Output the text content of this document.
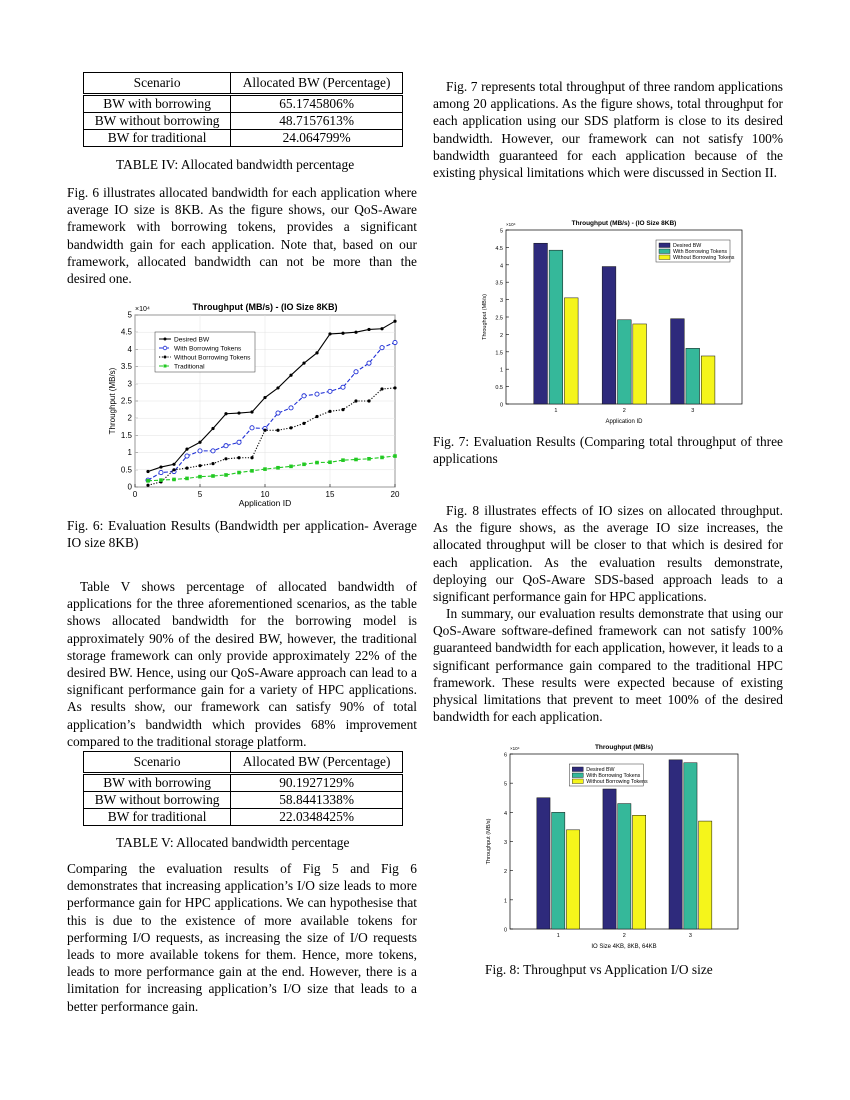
Scenario	Allocated BW (Percentage)
BW with borrowing	65.1745806%
BW without borrowing	48.7157613%
BW for traditional	24.064799%
TABLE IV: Allocated bandwidth percentage

Fig. 6 illustrates allocated bandwidth for each application where average IO size is 8KB. As the figure shows, our QoS-Aware framework with borrowing tokens, provides a significant bandwidth gain for each application. Note that, based on our framework, allocated bandwidth can not be more than the desired one.

Throughput (MB/s) - (IO Size 8KB)
×10⁴
0
0.5
1
1.5
2
2.5
3
3.5
4
4.5
5
Throughput (MB/s)
Application ID
0	5	10	15	20
Desired BW
With Borrowing Tokens
Without Borrowing Tokens
Traditional

Fig. 6: Evaluation Results (Bandwidth per application- Average IO size 8KB)

Table V shows percentage of allocated bandwidth of applications for the three aforementioned scenarios, as the table shows allocated bandwidth for the borrowing model is approximately 90% of the desired BW, however, the traditional storage framework can only provide approximately 22% of the desired BW. Hence, using our QoS-Aware approach can lead to a significant performance gain for a variety of HPC applications. As results show, our framework can satisfy 90% of total application’s bandwidth which provides 68% improvement compared to the traditional storage platform.

Scenario	Allocated BW (Percentage)
BW with borrowing	90.1927129%
BW without borrowing	58.8441338%
BW for traditional	22.0348425%
TABLE V: Allocated bandwidth percentage

Comparing the evaluation results of Fig 5 and Fig 6 demonstrates that increasing application’s I/O size leads to more performance gain for HPC applications. We can hypothesise that this is due to the existence of more available tokens for performing I/O requests, as increasing the size of I/O requests leads to more available tokens for them. Hence, more tokens, leads to more performance gain at the end. However, there is a limitation for increasing application’s I/O size that leads to a better performance gain.

Fig. 7 represents total throughput of three random applications among 20 applications. As the figure shows, total throughput for each application using our SDS platform is close to its desired bandwidth. However, our framework can not satisfy 100% bandwidth guaranteed for each application because of the existing physical limitations which were discussed in Section II.

Throughput (MB/s) - (IO Size 8KB)
×10⁴
0
0.5
1
1.5
2
2.5
3
3.5
4
4.5
5
Throughput (MB/s)
Application ID
1	2	3
Desired BW
With Borrowing Tokens
Without Borrowing Tokens

Fig. 7: Evaluation Results (Comparing total throughput of three applications

Fig. 8 illustrates effects of IO sizes on allocated throughput. As the figure shows, as the average IO size increases, the allocated throughput will be closer to that which is desired for each application. As the evaluation results demonstrate, deploying our QoS-Aware SDS-based approach leads to a significant performance gain for HPC applications.

In summary, our evaluation results demonstrate that using our QoS-Aware software-defined framework can not satisfy 100% guaranteed bandwidth for each application, however, it leads to a significant performance gain compared to the traditional HPC framework. These results were expected because of existing physical limitations that prevent to meet 100% of the desired bandwidth for each application.

Throughput (MB/s)
×10⁴
0
1
2
3
4
5
6
Throughput (MB/s)
IO Size 4KB, 8KB, 64KB
1	2	3
Desired BW
With Borrowing Tokens
Without Borrowing Tokens
Fig. 8: Throughput vs Application I/O size
